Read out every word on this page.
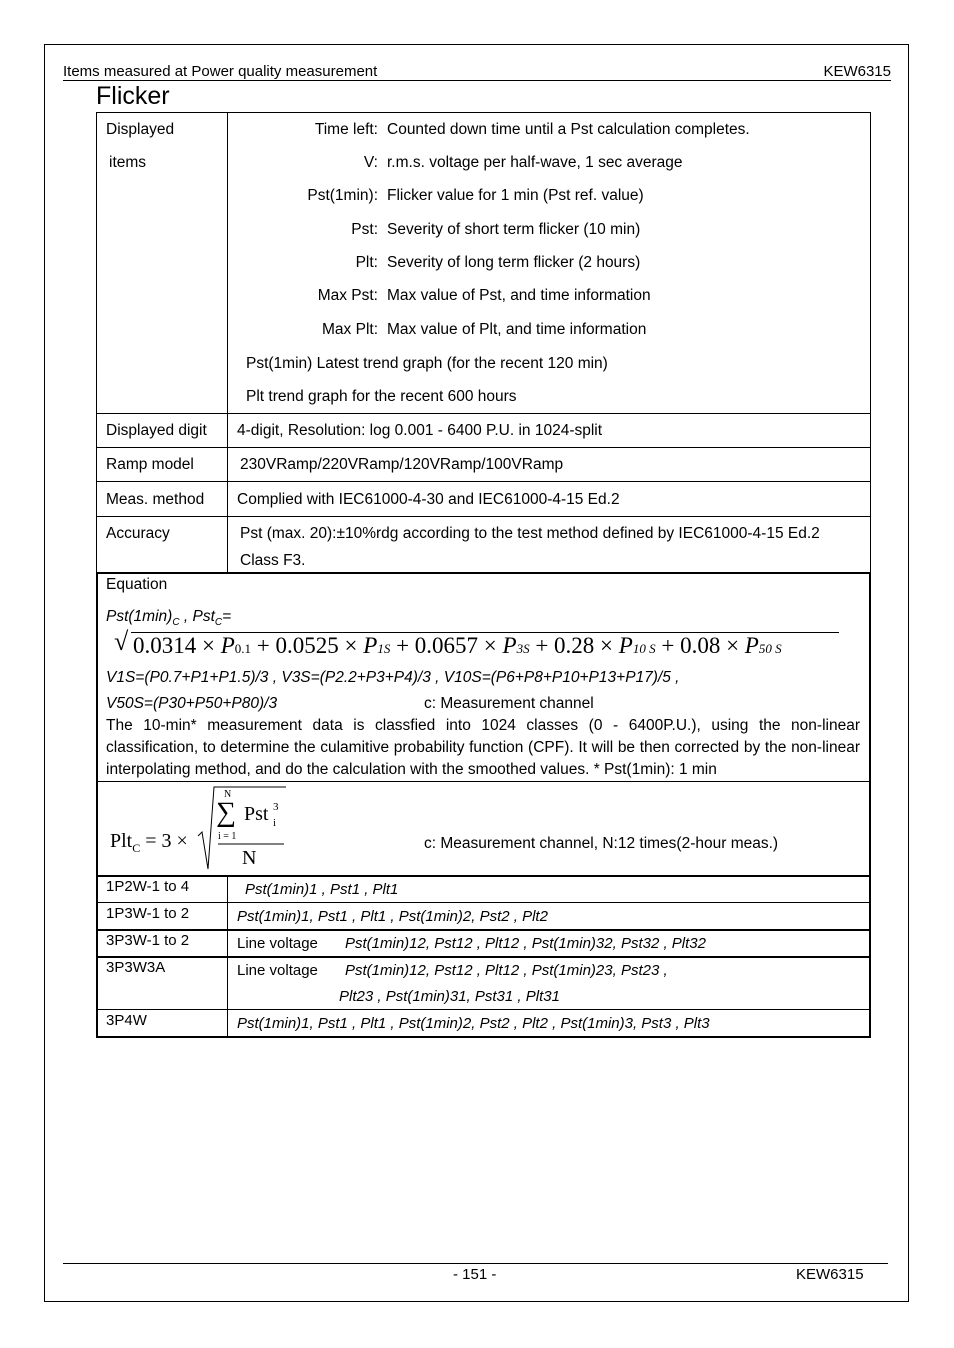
Items measured at Power quality measurement	KEW6315
Flicker
Displayed
items
Time left: Counted down time until a Pst calculation completes.
V: r.m.s. voltage per half-wave, 1 sec average
Pst(1min): Flicker value for 1 min (Pst ref. value)
Pst: Severity of short term flicker (10 min)
Plt: Severity of long term flicker (2 hours)
Max Pst: Max value of Pst, and time information
Max Plt: Max value of Plt, and time information
Pst(1min) Latest trend graph (for the recent 120 min)
Plt trend graph for the recent 600 hours
Displayed digit 4-digit, Resolution: log 0.001 - 6400 P.U. in 1024-split
Ramp model	230VRamp/220VRamp/120VRamp/100VRamp
Meas. method Complied with IEC61000-4-30 and IEC61000-4-15 Ed.2
Accuracy	Pst (max. 20):±10%rdg according to the test method defined by IEC61000-4-15 Ed.2
Class F3.
Equation
$Pst(1\min)_C$ , Pst$_C$=
√ 0.0314 × P0.1 + 0.0525 × P1S + 0.0657 × P3S + 0.28 × P10 S + 0.08 × P50 S
V1S=(P0.7+P1+P1.5)/3 , V3S=(P2.2+P3+P4)/3 , V10S=(P6+P8+P10+P13+P17)/5 ,
V50S=(P30+P50+P80)/3	c: Measurement channel
The 10-min* measurement data is classfied into 1024 classes (0 - 6400P.U.), using the non-linear classification, to determine the culamitive probability function (CPF). It will be then corrected by the non-linear interpolating method, and do the calculation with the smoothed values. * Pst(1min): 1 min
Plt$_C$ = 3 ×
N
∑
i = 1
Pst 3
i
N
c: Measurement channel, N:12 times(2-hour meas.)
1P2W-1 to 4	Pst(1min)1 , Pst1 , Plt1
1P3W-1 to 2	Pst(1min)1, Pst1 , Plt1 , Pst(1min)2, Pst2 , Plt2
3P3W-1 to 2	Line voltage Pst(1min)12, Pst12 , Plt12 , Pst(1min)32, Pst32 , Plt32
3P3W3A	Line voltage Pst(1min)12, Pst12 , Plt12 , Pst(1min)23, Pst23 ,
Plt23 , Pst(1min)31, Pst31 , Plt31
3P4W	Pst(1min)1, Pst1 , Plt1 , Pst(1min)2, Pst2 , Plt2 , Pst(1min)3, Pst3 , Plt3
- 151 -	KEW6315
